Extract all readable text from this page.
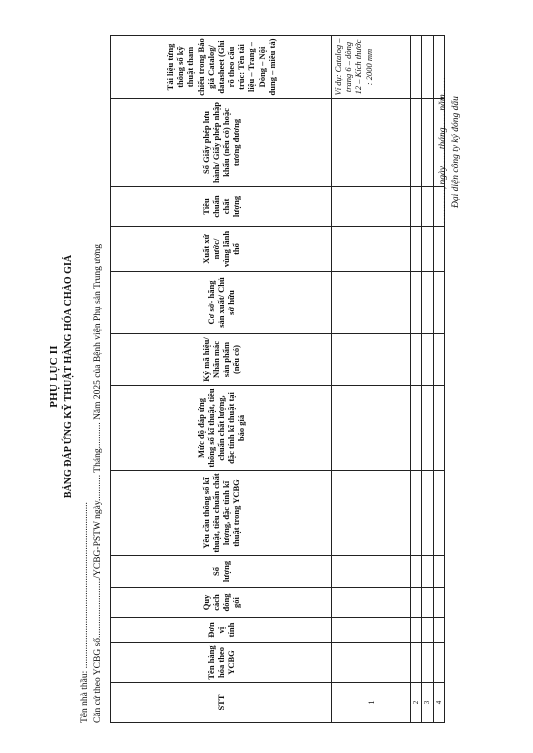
PHỤ LỤC II BẢNG ĐÁP ỨNG KỸ THUẬT HÀNG HÓA CHÀO GIÁ
Tên nhà thầu: ...................................................................... Căn cứ theo YCBG số........................./YCBG-PSTW ngày........... Tháng........... Năm 2025 của Bệnh viện Phụ sản Trung ương	STT	Tên hàng hóa theo YCBG	Đơn vị tính	Quy cách đóng gói	Số lượng	Yêu cầu thông số kĩ thuật, tiêu chuẩn chất lượng, đặc tính kĩ thuật trong YCBG	Mức độ đáp ứng thông số kĩ thuật, tiêu chuẩn chất lượng, đặc tính kĩ thuật tại báo giá	Ký mã hiệu/ Nhãn mác sản phẩm (nếu có)	Cơ sở- hãng sản xuất/ Chủ sở hữu	Xuất xứ nước/ vùng lãnh thổ	Tiêu chuẩn chất lượng	Số Giấy phép lưu hành/ Giấy phép nhập khẩu (nếu có) hoặc tương đương	Tài liệu từng thông số kỹ thuật tham chiếu trong Báo giá Catalog/ datasheet (Ghi rõ theo cấu trúc: Tên tài liệu – Trang – Dòng – Nội dung – miêu tả)
1												Ví dụ: Catalog – trang 6 – dòng 12 – Kích thước : 2000 mm
2												
3												
4												
…………, ngày……tháng……năm…… Đại diện công ty ký đóng dấu
